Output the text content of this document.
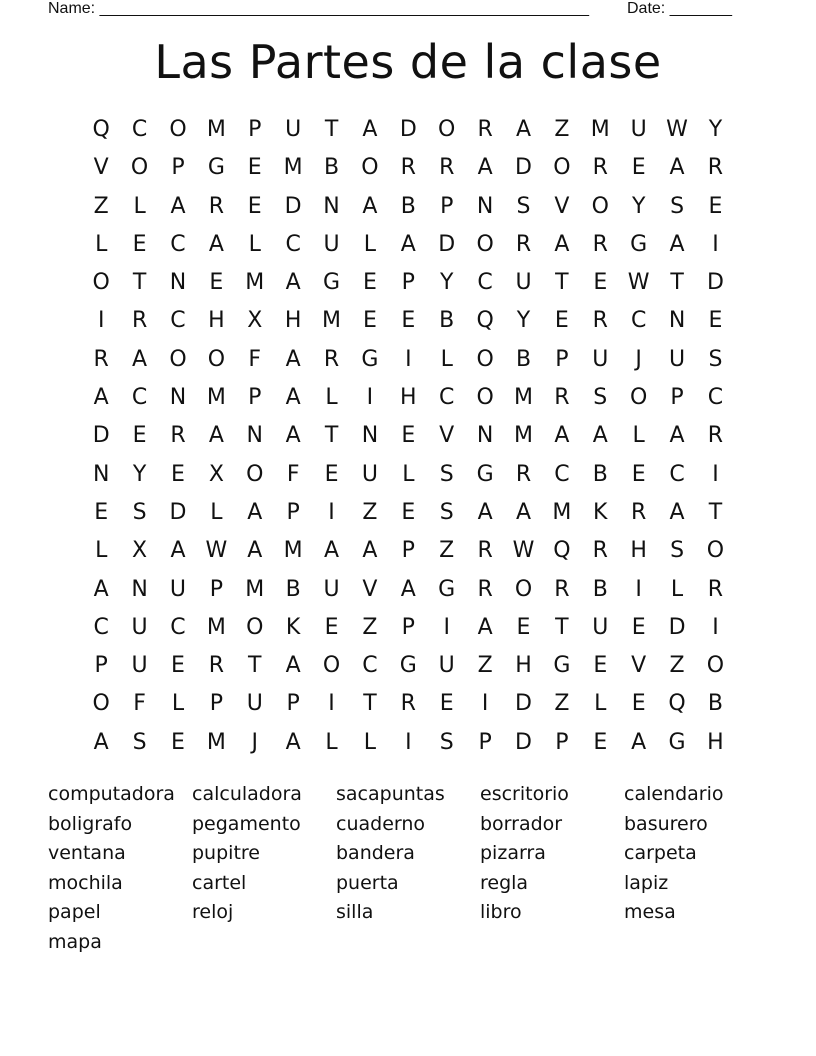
Name: _______________________________________________________ Date: _______
Las Partes de la clase
Q	C	O M	P	U	T	A	D O	R	A	Z M U W Y
V	O	P	G	E M B	O	R	R	A	D O	R	E	A	R
Z	L	A	R	E	D N	A	B	P	N	S	V	O	Y	S	E
L	E	C	A	L	C	U	L	A	D O	R	A	R	G	A	I
O	T	N	E M A	G	E	P	Y	C	U	T	E W T	D
I	R	C	H	X	H M E	E	B	Q	Y	E	R	C	N	E
R	A	O O	F	A	R	G	I	L	O	B	P	U	J	U	S
A	C	N M	P	A	L	I	H	C	O M R	S	O	P	C
D	E	R	A	N	A	T	N	E	V	N M A	A	L	A	R
N	Y	E	X	O	F	E	U	L	S	G	R	C	B	E	C	I
E	S	D	L	A	P	I	Z	E	S	A	A M K	R	A	T
L	X	A W A M A	A	P	Z	R W Q	R	H	S	O
A	N	U	P	M B	U	V	A	G	R	O	R	B	I	L	R
C	U	C M O	K	E	Z	P	I	A	E	T	U	E	D	I
P	U	E	R	T	A	O	C	G U	Z	H G	E	V	Z	O
O	F	L	P	U	P	I	T	R	E	I	D	Z	L	E	Q	B
A	S	E M	J	A	L	L	I	S	P	D	P	E	A	G H
computadora calculadora	sacapuntas	escritorio	calendario
boligrafo	pegamento	cuaderno	borrador	basurero
ventana	pupitre	bandera	pizarra	carpeta
mochila	cartel	puerta	regla	lapiz
papel	reloj	silla	libro	mesa
mapa
